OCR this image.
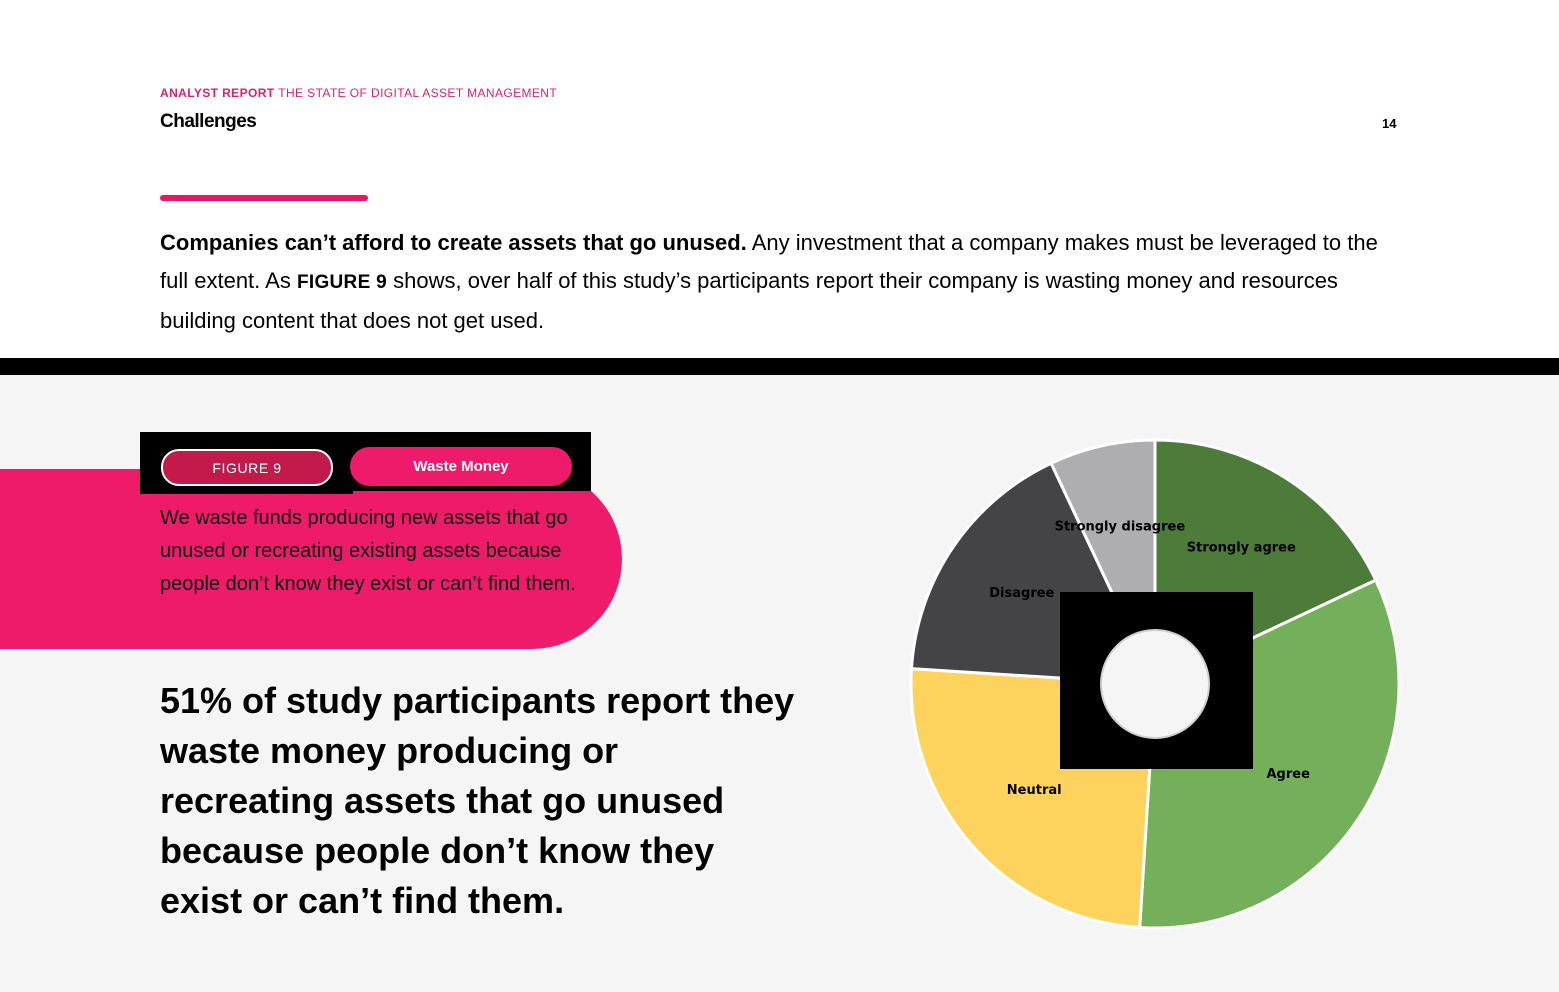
ANALYST REPORT THE STATE OF DIGITAL ASSET MANAGEMENT
Challenges	14
Companies can’t afford to create assets that go unused. Any investment that a company makes must be leveraged to the full extent. As FIGURE 9 shows, over half of this study’s participants report their company is wasting money and resources building content that does not get used.
FIGURE 9	Waste Money
We waste funds producing new assets that go unused or recreating existing assets because people don’t know they exist or can’t find them.
51% of study participants report they waste money producing or recreating assets that go unused because people don’t know they exist or can’t find them.
Strongly agree
Agree
Neutral
Disagree
Strongly disagree
